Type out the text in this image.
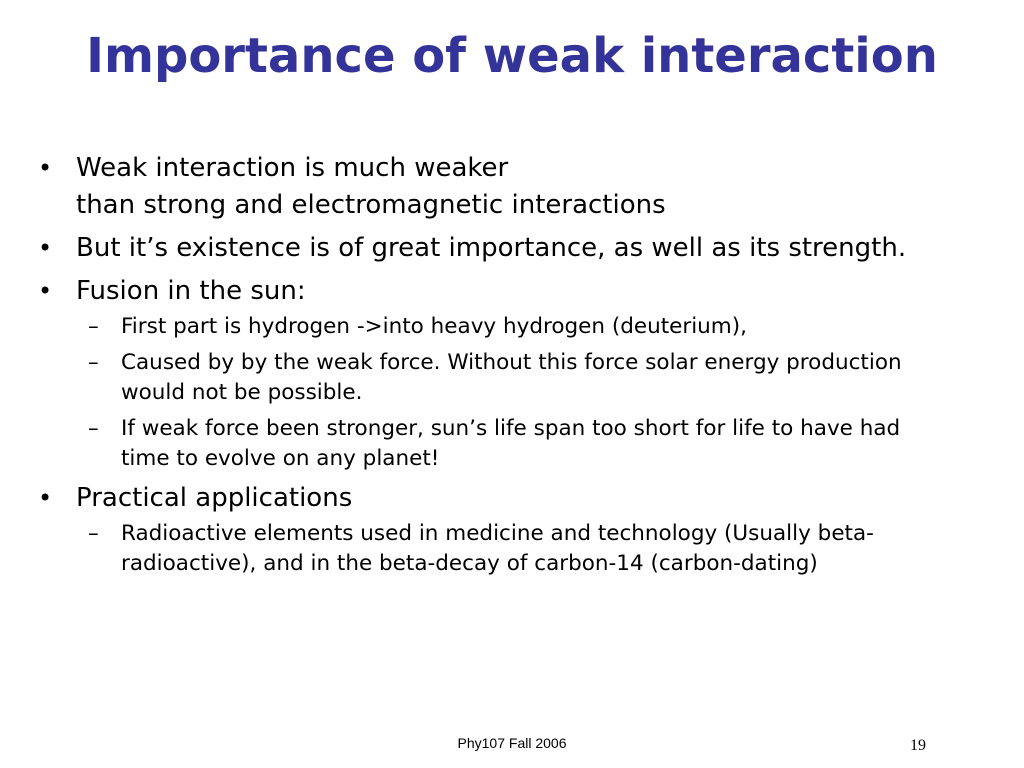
Importance of weak interaction
• Weak interaction is much weaker
than strong and electromagnetic interactions
• But it’s existence is of great importance, as well as its strength.
• Fusion in the sun:
– First part is hydrogen ->into heavy hydrogen (deuterium),
– Caused by by the weak force. Without this force solar energy production would not be possible.
– If weak force been stronger, sun’s life span too short for life to have had time to evolve on any planet!
• Practical applications
– Radioactive elements used in medicine and technology (Usually beta-radioactive), and in the beta-decay of carbon-14 (carbon-dating)
Phy107 Fall 2006	19
